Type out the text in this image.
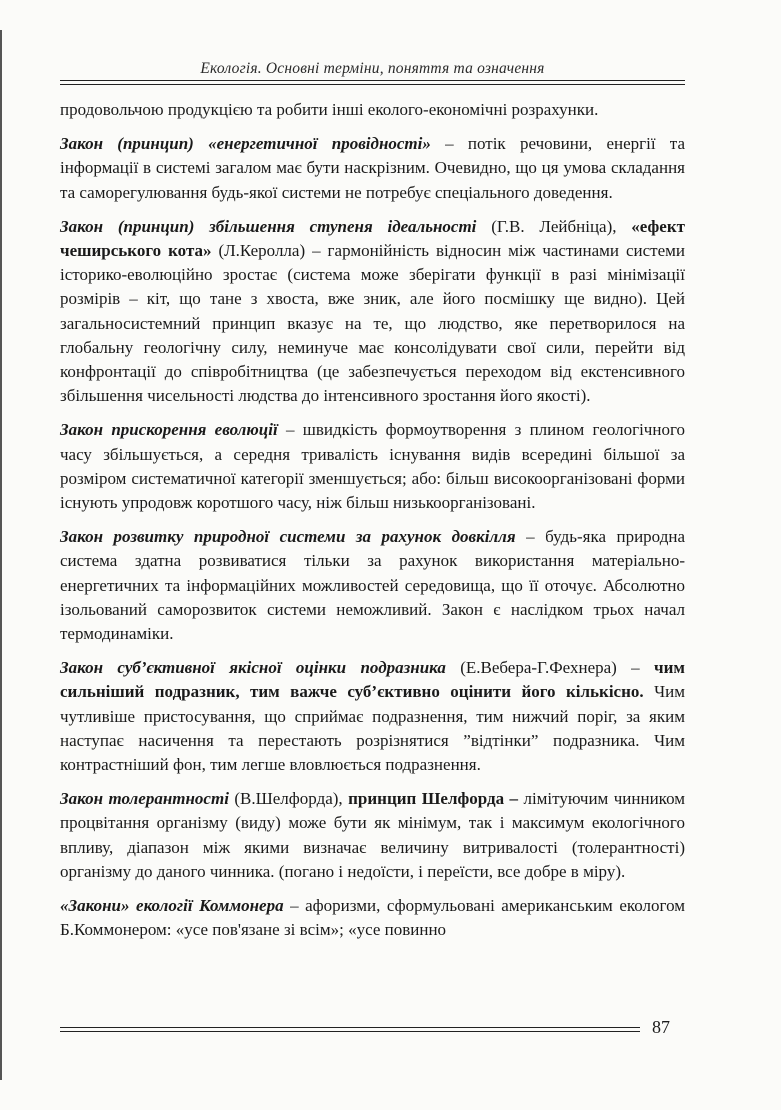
Екологія. Основні терміни, поняття та означення

продовольчою продукцією та робити інші еколого-економічні розрахунки.

Закон (принцип) «енергетичної провідності» – потік речовини, енергії та інформації в системі загалом має бути наскрізним. Очевидно, що ця умова складання та саморегулювання будь-якої системи не потребує спеціального доведення.

Закон (принцип) збільшення ступеня ідеальності (Г.В. Лейбніца), «ефект чеширського кота» (Л.Керолла) – гармонійність відносин між частинами системи історико-еволюційно зростає (система може зберігати функції в разі мінімізації розмірів – кіт, що тане з хвоста, вже зник, але його посмішку ще видно). Цей загальносистемний принцип вказує на те, що людство, яке перетворилося на глобальну геологічну силу, неминуче має консолідувати свої сили, перейти від конфронтації до співробітництва (це забезпечується переходом від екстенсивного збільшення чисельності людства до інтенсивного зростання його якості).

Закон прискорення еволюції – швидкість формоутворення з плином геологічного часу збільшується, а середня тривалість існування видів всередині більшої за розміром систематичної категорії зменшується; або: більш високоорганізовані форми існують упродовж коротшого часу, ніж більш низькоорганізовані.

Закон розвитку природної системи за рахунок довкілля – будь-яка природна система здатна розвиватися тільки за рахунок використання матеріально-енергетичних та інформаційних можливостей середовища, що її оточує. Абсолютно ізольований саморозвиток системи неможливий. Закон є наслідком трьох начал термодинаміки.

Закон суб’єктивної якісної оцінки подразника (Е.Вебера-Г.Фехнера) – чим сильніший подразник, тим важче суб’єктивно оцінити його кількісно. Чим чутливіше пристосування, що сприймає подразнення, тим нижчий поріг, за яким наступає насичення та перестають розрізнятися ”відтінки” подразника. Чим контрастніший фон, тим легше вловлюється подразнення.

Закон толерантності (В.Шелфорда), принцип Шелфорда – лімітуючим чинником процвітання організму (виду) може бути як мінімум, так і максимум екологічного впливу, діапазон між якими визначає величину витривалості (толерантності) організму до даного чинника. (погано і недоїсти, і переїсти, все добре в міру).

«Закони» екології Коммонера – афоризми, сформульовані американським екологом Б.Коммонером: «усе пов'язане зі всім»; «усе повинно

87
